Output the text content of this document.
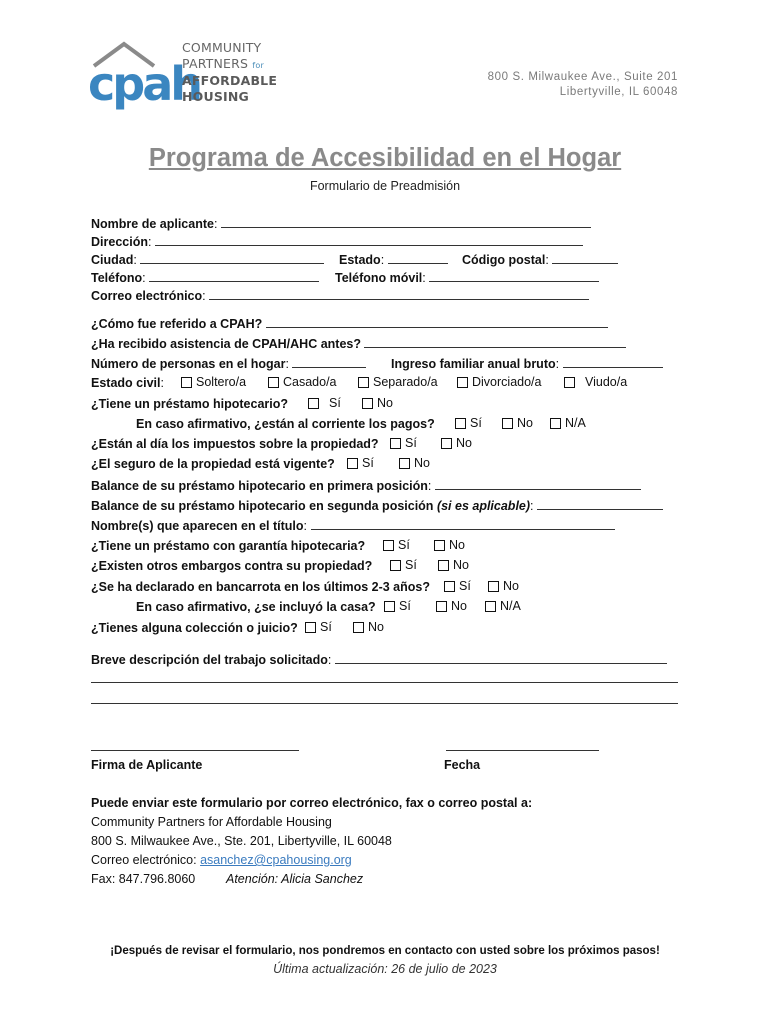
cpah
COMMUNITY
PARTNERS for
AFFORDABLE
HOUSING
800 S. Milwaukee Ave., Suite 201
Libertyville, IL 60048
Programa de Accesibilidad en el Hogar
Formulario de Preadmisión
Nombre de aplicante:
Dirección:
Ciudad:	Estado:	Código postal:
Teléfono:	Teléfono móvil:
Correo electrónico:
¿Cómo fue referido a CPAH?
¿Ha recibido asistencia de CPAH/AHC antes?
Número de personas en el hogar:	Ingreso familiar anual bruto:
Estado civil:	Soltero/a	Casado/a	Separado/a	Divorciado/a	Viudo/a
¿Tiene un préstamo hipotecario?	Sí	No
En caso afirmativo, ¿están al corriente los pagos?	Sí	No	N/A
¿Están al día los impuestos sobre la propiedad?	Sí	No
¿El seguro de la propiedad está vigente?	Sí	No
Balance de su préstamo hipotecario en primera posición:
Balance de su préstamo hipotecario en segunda posición (si es aplicable):
Nombre(s) que aparecen en el título:
¿Tiene un préstamo con garantía hipotecaria?	Sí	No
¿Existen otros embargos contra su propiedad?	Sí	No
¿Se ha declarado en bancarrota en los últimos 2-3 años?	Sí	No
En caso afirmativo, ¿se incluyó la casa?	Sí	No	N/A
¿Tienes alguna colección o juicio?	Sí	No
Breve descripción del trabajo solicitado:
Firma de Aplicante	Fecha
Puede enviar este formulario por correo electrónico, fax o correo postal a:
Community Partners for Affordable Housing
800 S. Milwaukee Ave., Ste. 201, Libertyville, IL 60048
Correo electrónico: asanchez@cpahousing.org
Fax: 847.796.8060 Atención: Alicia Sanchez
¡Después de revisar el formulario, nos pondremos en contacto con usted sobre los próximos pasos!
Última actualización: 26 de julio de 2023
